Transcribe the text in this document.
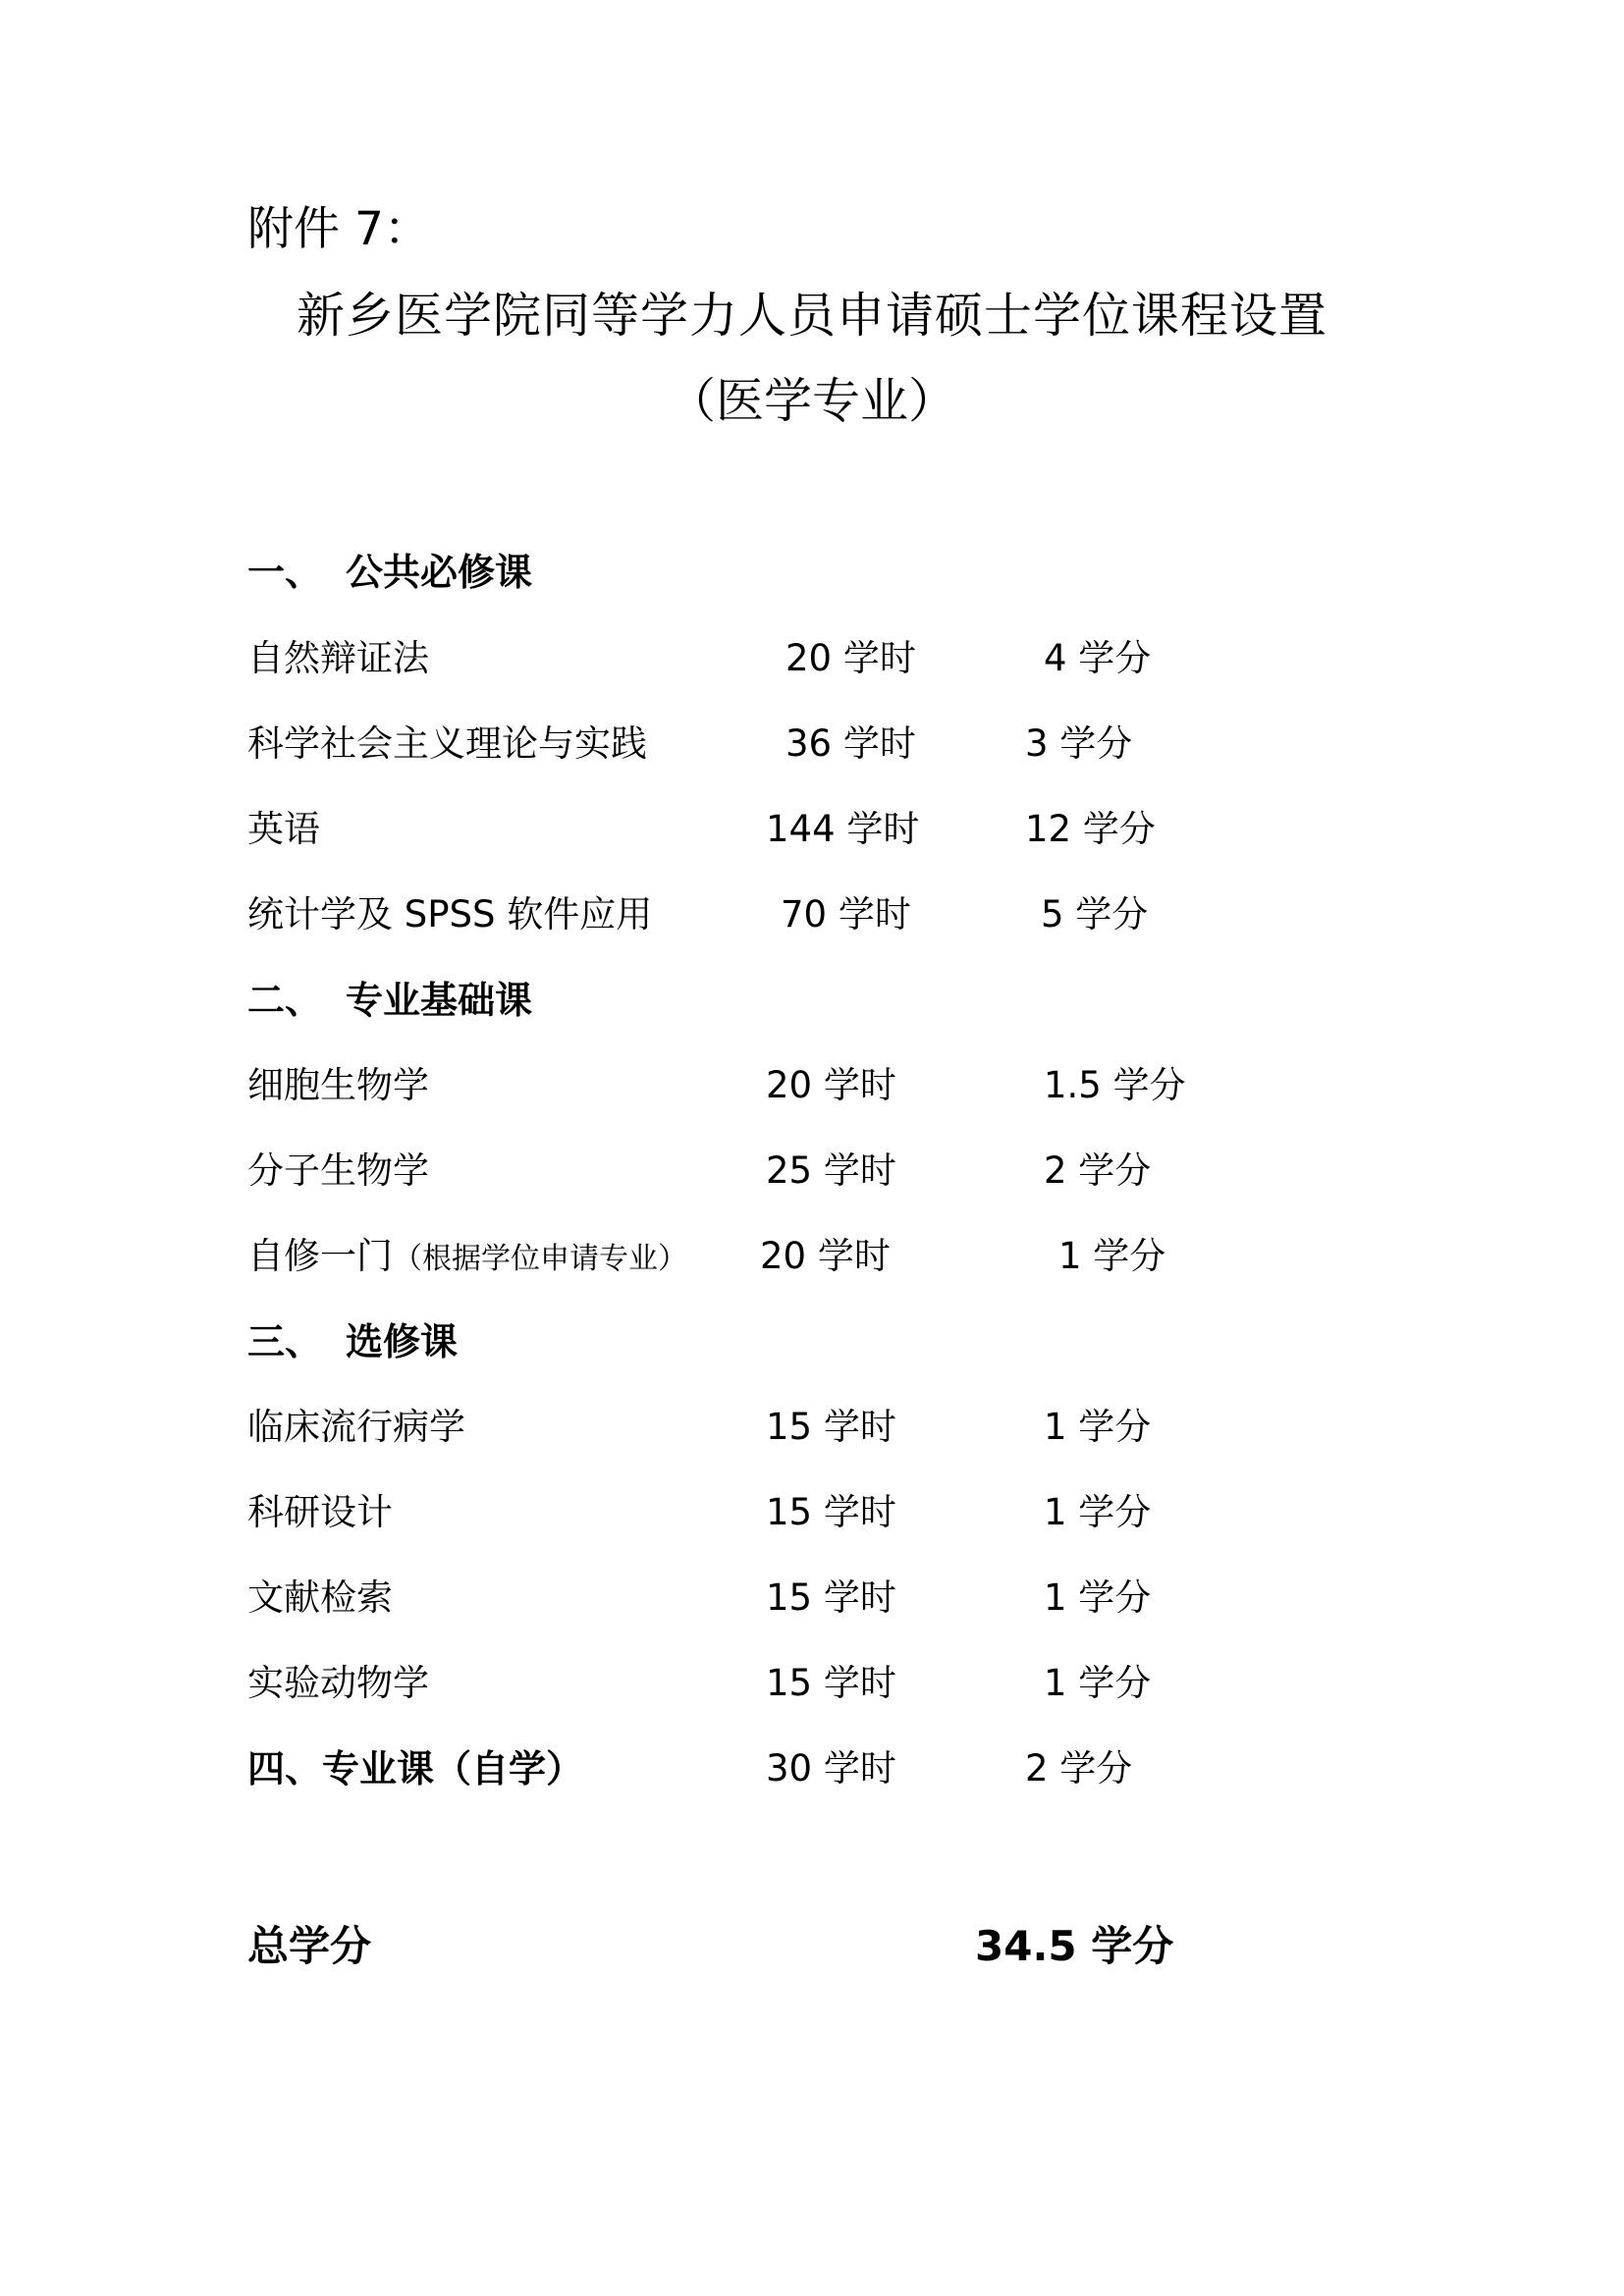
附件 7：
新乡医学院同等学力人员申请硕士学位课程设置
（医学专业）
一、 公共必修课
自然辩证法	20 学时	4 学分
科学社会主义理论与实践	36 学时	3 学分
英语	144 学时	12 学分
统计学及 SPSS 软件应用	70 学时	5 学分
二、 专业基础课
细胞生物学	20 学时	1.5 学分
分子生物学	25 学时	2 学分
自修一门（根据学位申请专业） 20 学时	1 学分
三、 选修课
临床流行病学	15 学时	1 学分
科研设计	15 学时	1 学分
文献检索	15 学时	1 学分
实验动物学	15 学时	1 学分
四、专业课（自学）	30 学时	2 学分
总学分	34.5 学分
